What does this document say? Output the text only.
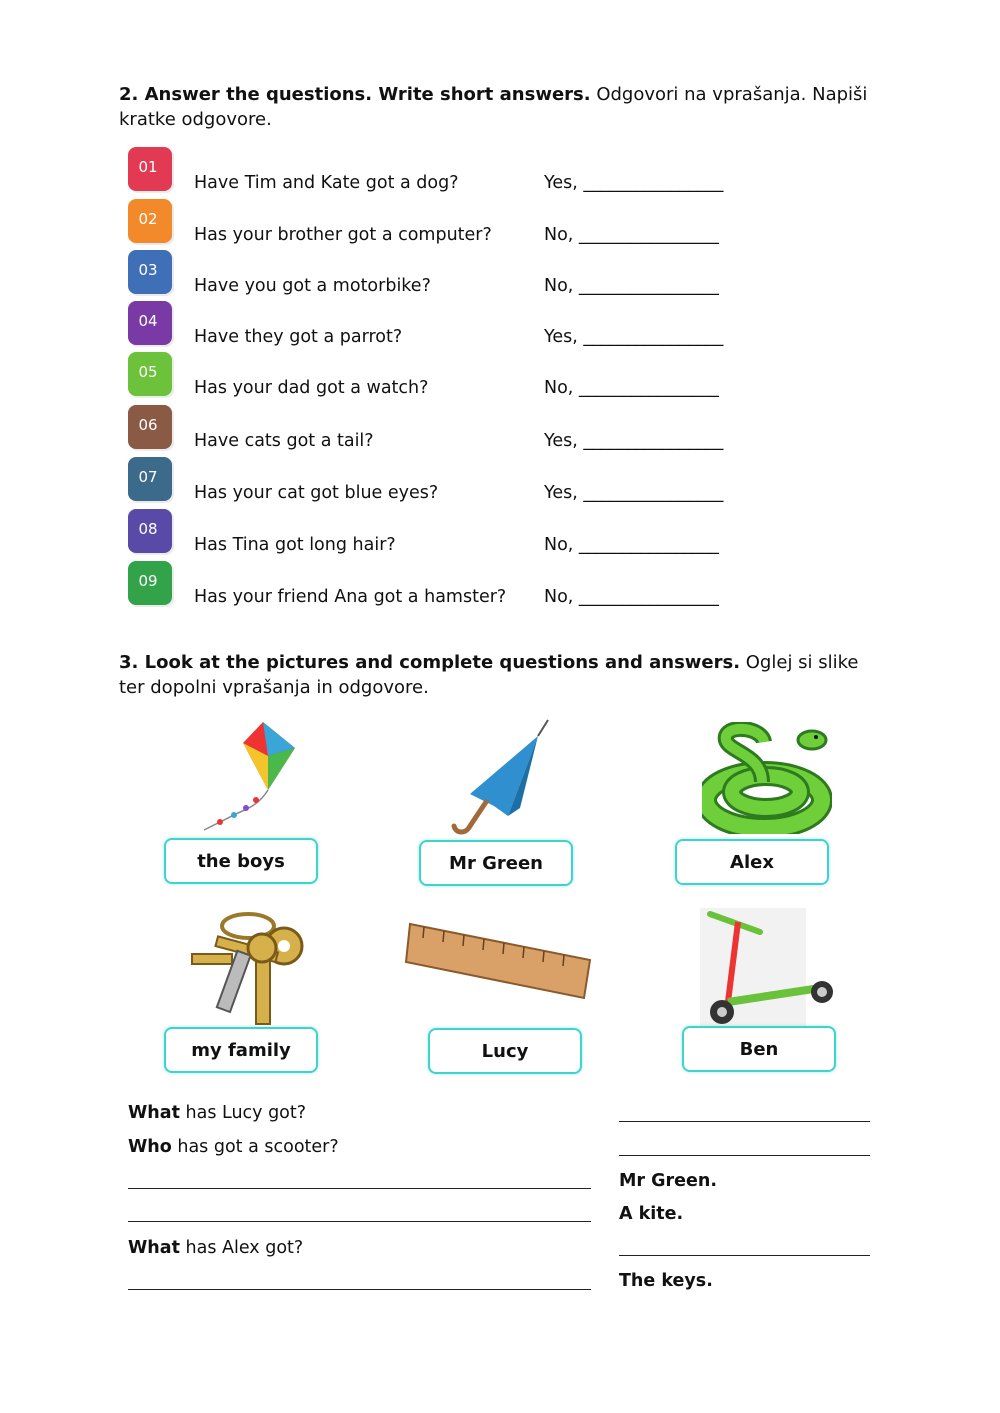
2. Answer the questions. Write short answers. Odgovori na vprašanja. Napiši kratke odgovore.
01
Have Tim and Kate got a dog?	Yes, ________________
02
Has your brother got a computer?	No, ________________
03
Have you got a motorbike?	No, ________________
04
Have they got a parrot?	Yes, ________________
05
Has your dad got a watch?	No, ________________
06
Have cats got a tail?	Yes, ________________
07
Has your cat got blue eyes?	Yes, ________________
08
Has Tina got long hair?	No, ________________
09
Has your friend Ana got a hamster? No, ________________
3. Look at the pictures and complete questions and answers. Oglej si slike ter dopolni vprašanja in odgovore.
the boys	Mr Green	Alex
my family	Lucy	Ben
What has Lucy got?
Who has got a scooter?
Mr Green.
A kite.
What has Alex got?
The keys.
